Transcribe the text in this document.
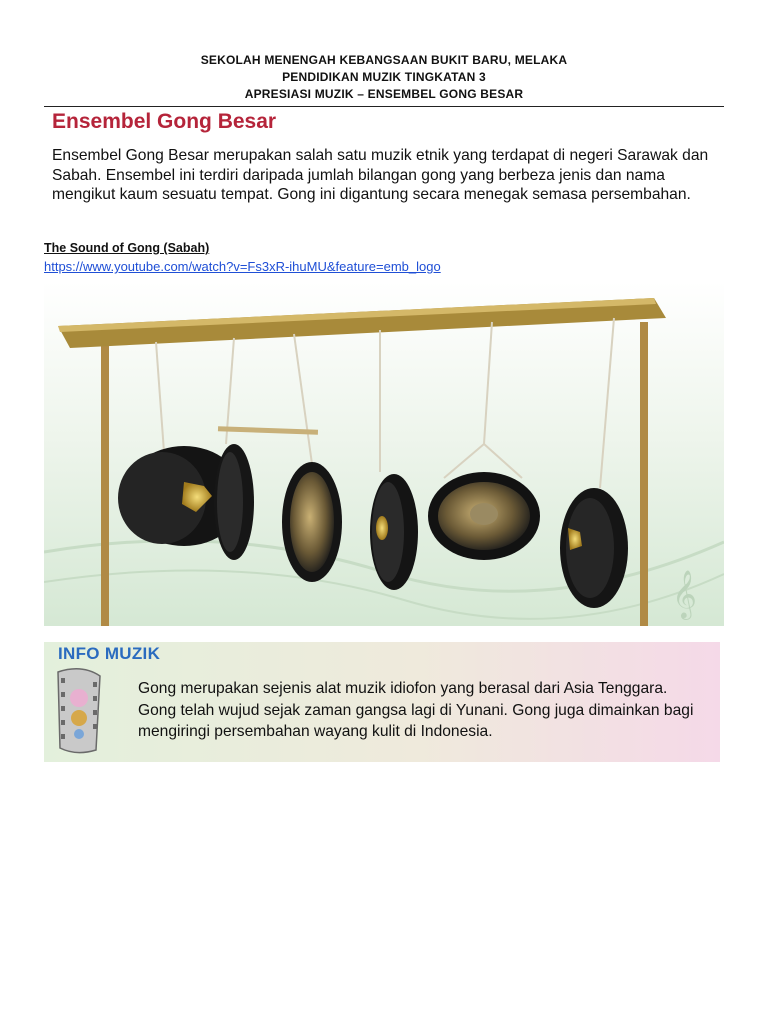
SEKOLAH MENENGAH KEBANGSAAN BUKIT BARU, MELAKA
PENDIDIKAN MUZIK TINGKATAN 3
APRESIASI MUZIK – ENSEMBEL GONG BESAR
Ensembel Gong Besar
Ensembel Gong Besar merupakan salah satu muzik etnik yang terdapat di negeri Sarawak dan Sabah. Ensembel ini terdiri daripada jumlah bilangan gong yang berbeza jenis dan nama mengikut kaum sesuatu tempat. Gong ini digantung secara menegak semasa persembahan.
The Sound of Gong (Sabah)
https://www.youtube.com/watch?v=Fs3xR-ihuMU&feature=emb_logo
𝄞
INFO MUZIK
Gong merupakan sejenis alat muzik idiofon yang berasal dari Asia Tenggara. Gong telah wujud sejak zaman gangsa lagi di Yunani. Gong juga dimainkan bagi mengiringi persembahan wayang kulit di Indonesia.
